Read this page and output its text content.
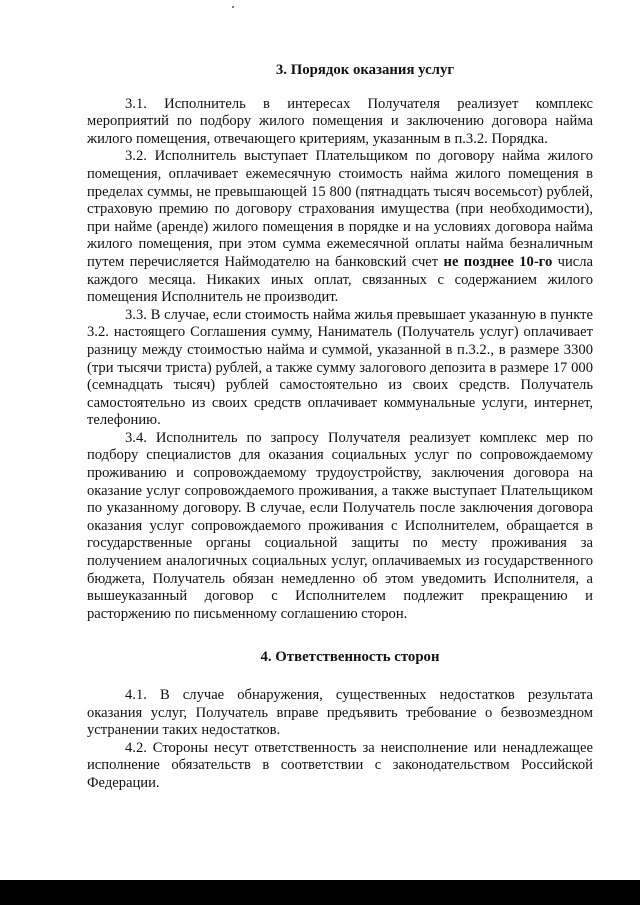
3. Порядок оказания услуг

3.1. Исполнитель в интересах Получателя реализует комплекс мероприятий по подбору жилого помещения и заключению договора найма жилого помещения, отвечающего критериям, указанным в п.3.2. Порядка.

3.2. Исполнитель выступает Плательщиком по договору найма жилого помещения, оплачивает ежемесячную стоимость найма жилого помещения в пределах суммы, не превышающей 15 800 (пятнадцать тысяч восемьсот) рублей, страховую премию по договору страхования имущества (при необходимости), при найме (аренде) жилого помещения в порядке и на условиях договора найма жилого помещения, при этом сумма ежемесячной оплаты найма безналичным путем перечисляется Наймодателю на банковский счет не позднее 10-го числа каждого месяца. Никаких иных оплат, связанных с содержанием жилого помещения Исполнитель не производит.

3.3. В случае, если стоимость найма жилья превышает указанную в пункте 3.2. настоящего Соглашения сумму, Наниматель (Получатель услуг) оплачивает разницу между стоимостью найма и суммой, указанной в п.3.2., в размере 3300 (три тысячи триста) рублей, а также сумму залогового депозита в размере 17 000 (семнадцать тысяч) рублей самостоятельно из своих средств. Получатель самостоятельно из своих средств оплачивает коммунальные услуги, интернет, телефонию.

3.4. Исполнитель по запросу Получателя реализует комплекс мер по подбору специалистов для оказания социальных услуг по сопровождаемому проживанию и сопровождаемому трудоустройству, заключения договора на оказание услуг сопровождаемого проживания, а также выступает Плательщиком по указанному договору. В случае, если Получатель после заключения договора оказания услуг сопровождаемого проживания с Исполнителем, обращается в государственные органы социальной защиты по месту проживания за получением аналогичных социальных услуг, оплачиваемых из государственного бюджета, Получатель обязан немедленно об этом уведомить Исполнителя, а вышеуказанный договор с Исполнителем подлежит прекращению и расторжению по письменному соглашению сторон.

4. Ответственность сторон

4.1. В случае обнаружения, существенных недостатков результата оказания услуг, Получатель вправе предъявить требование о безвозмездном устранении таких недостатков.

4.2. Стороны несут ответственность за неисполнение или ненадлежащее исполнение обязательств в соответствии с законодательством Российской Федерации.
